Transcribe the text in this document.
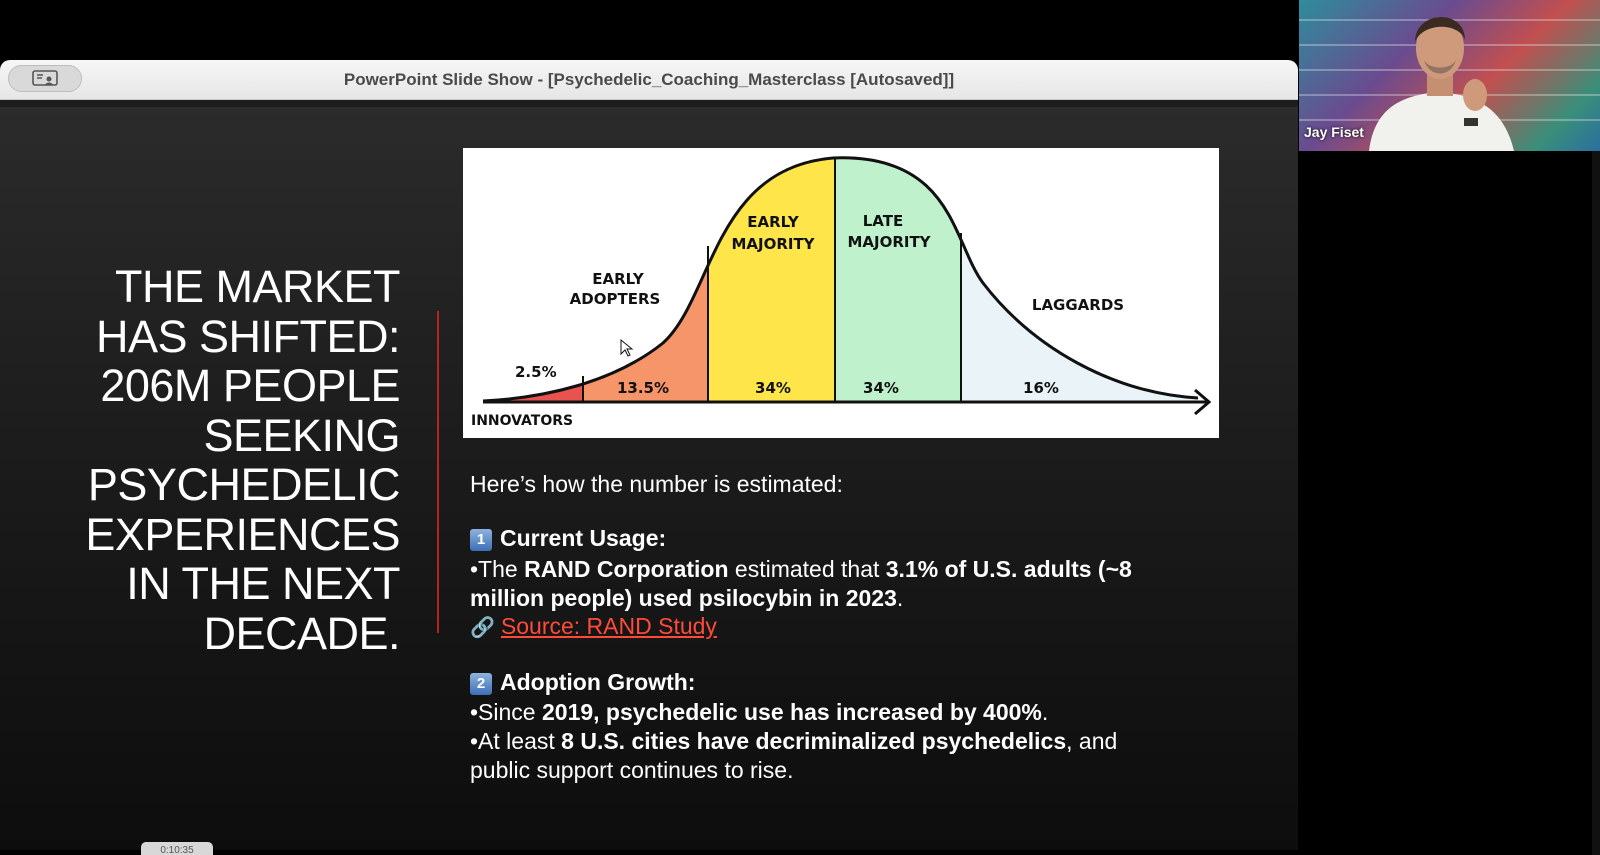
PowerPoint Slide Show - [Psychedelic_Coaching_Masterclass [Autosaved]]
THE MARKET
HAS SHIFTED:
206M PEOPLE
SEEKING
PSYCHEDELIC
EXPERIENCES
IN THE NEXT
DECADE.
INNOVATORS
2.5%
EARLY
ADOPTERS
13.5%
EARLY
MAJORITY
34%
LATE
MAJORITY
34%
LAGGARDS
16%
Here’s how the number is estimated:
1 Current Usage:
•The RAND Corporation estimated that 3.1% of U.S. adults (~8
million people) used psilocybin in 2023.
🔗 Source: RAND Study
2 Adoption Growth:
•Since 2019, psychedelic use has increased by 400%.
•At least 8 U.S. cities have decriminalized psychedelics, and
public support continues to rise.
0:10:35
Jay Fiset
